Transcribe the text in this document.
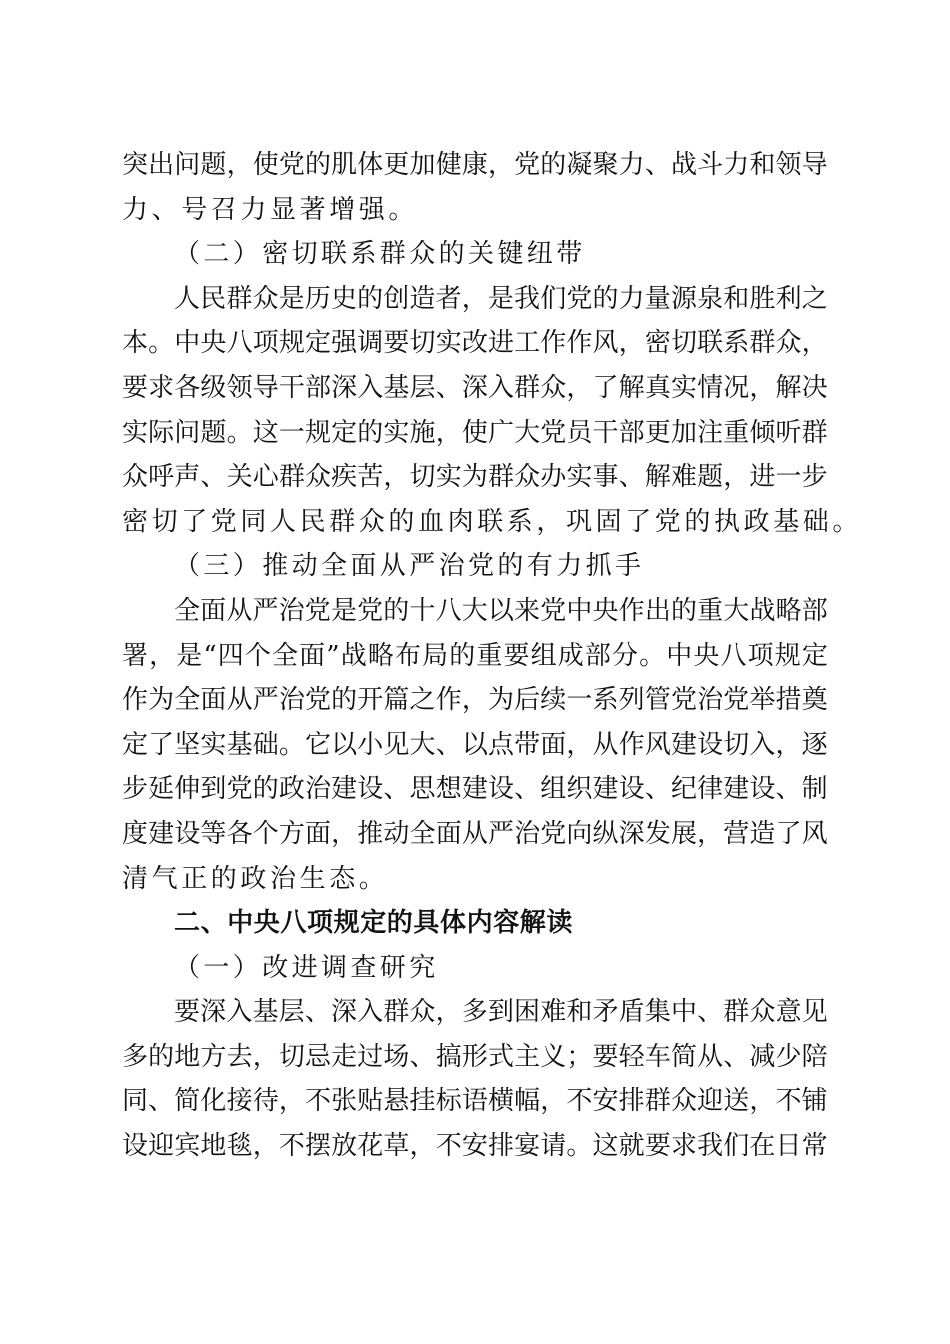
突 出 问 题 ， 使 党 的 肌 体 更 加 健 康 ， 党 的 凝 聚 力 、 战 斗 力 和 领 导
力、号召力显著增强。
（二）密切联系群众的关键纽带
人 民 群 众 是 历 史 的 创 造 者 ， 是 我 们 党 的 力 量 源 泉 和 胜 利 之
本 。 中 央 八 项 规 定 强 调 要 切 实 改 进 工 作 作 风 ， 密 切 联 系 群 众 ，
要 求 各 级 领 导 干 部 深 入 基 层 、 深 入 群 众 ， 了 解 真 实 情 况 ， 解 决
实 际 问 题 。 这 一 规 定 的 实 施 ， 使 广 大 党 员 干 部 更 加 注 重 倾 听 群
众 呼 声 、 关 心 群 众 疾 苦 ， 切 实 为 群 众 办 实 事 、 解 难 题 ， 进 一 步
密切了党同人民群众的血肉联系，巩固了党的执政基础。
（三）推动全面从严治党的有力抓手
全 面 从 严 治 党 是 党 的 十 八 大 以 来 党 中 央 作 出 的 重 大 战 略 部
署 ， 是 “ 四 个 全 面 ” 战 略 布 局 的 重 要 组 成 部 分 。 中 央 八 项 规 定
作 为 全 面 从 严 治 党 的 开 篇 之 作 ， 为 后 续 一 系 列 管 党 治 党 举 措 奠
定 了 坚 实 基 础 。 它 以 小 见 大 、 以 点 带 面 ， 从 作 风 建 设 切 入 ， 逐
步 延 伸 到 党 的 政 治 建 设 、 思 想 建 设 、 组 织 建 设 、 纪 律 建 设 、 制
度 建 设 等 各 个 方 面 ， 推 动 全 面 从 严 治 党 向 纵 深 发 展 ， 营 造 了 风
清气正的政治生态。
二、中央八项规定的具体内容解读
（一）改进调查研究
要 深 入 基 层 、 深 入 群 众 ， 多 到 困 难 和 矛 盾 集 中 、 群 众 意 见
多 的 地 方 去 ， 切 忌 走 过 场 、 搞 形 式 主 义 ； 要 轻 车 简 从 、 减 少 陪
同 、 简 化 接 待 ， 不 张 贴 悬 挂 标 语 横 幅 ， 不 安 排 群 众 迎 送 ， 不 铺
设 迎 宾 地 毯 ， 不 摆 放 花 草 ， 不 安 排 宴 请 。 这 就 要 求 我 们 在 日 常
